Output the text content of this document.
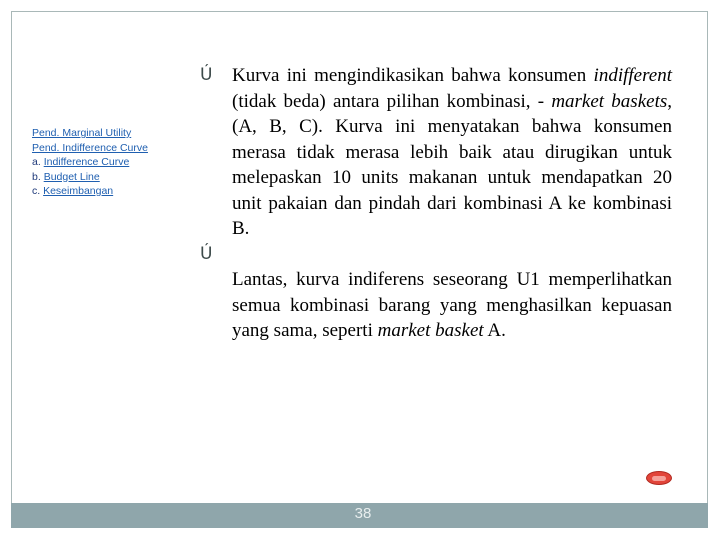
Pend. Marginal Utility
Pend. Indifference Curve
a. Indifference Curve
b. Budget Line
c. Keseimbangan
Ú	Kurva ini mengindikasikan bahwa konsumen indifferent (tidak beda) antara pilihan kombinasi, - market baskets, (A, B, C). Kurva ini menyatakan bahwa konsumen merasa tidak merasa lebih baik atau dirugikan untuk melepaskan 10 units makanan untuk mendapatkan 20 unit pakaian dan pindah dari kombinasi A ke kombinasi B.

Ú

Lantas, kurva indiferens seseorang U1 memperlihatkan semua kombinasi barang yang menghasilkan kepuasan yang sama, seperti market basket A.

38
